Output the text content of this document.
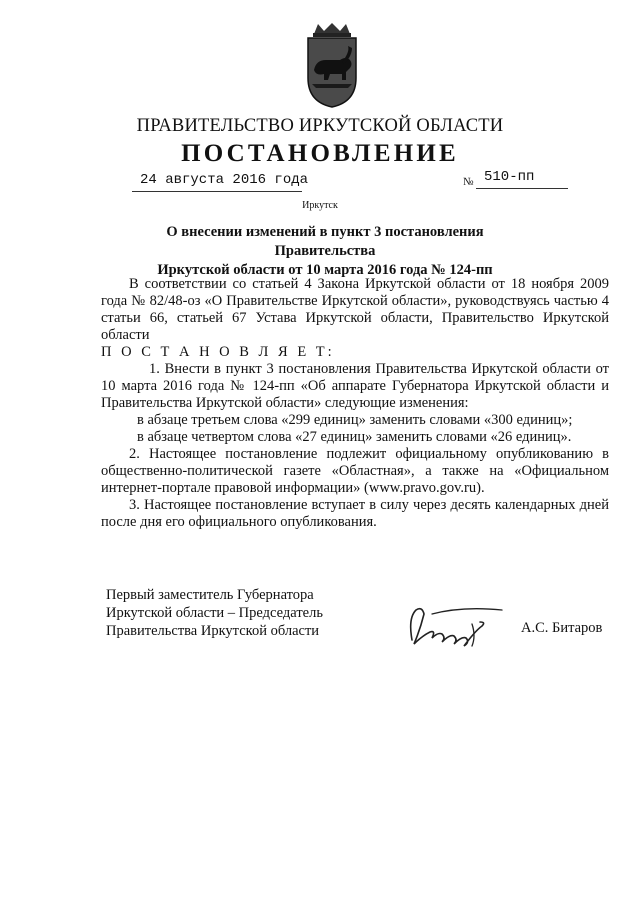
ПРАВИТЕЛЬСТВО ИРКУТСКОЙ ОБЛАСТИ
ПОСТАНОВЛЕНИЕ
24 августа 2016 года	№ 510-пп
Иркутск
О внесении изменений в пункт 3 постановления Правительства
Иркутской области от 10 марта 2016 года № 124-пп

В соответствии со статьей 4 Закона Иркутской области от 18 ноября 2009 года № 82/48-оз «О Правительстве Иркутской области», руководствуясь частью 4 статьи 66, статьей 67 Устава Иркутской области, Правительство Иркутской области

П О С Т А Н О В Л Я Е Т:

1. Внести в пункт 3 постановления Правительства Иркутской области от 10 марта 2016 года № 124-пп «Об аппарате Губернатора Иркутской области и Правительства Иркутской области» следующие изменения:

в абзаце третьем слова «299 единиц» заменить словами «300 единиц»;

в абзаце четвертом слова «27 единиц» заменить словами «26 единиц».

2. Настоящее постановление подлежит официальному опубликованию в общественно-политической газете «Областная», а также на «Официальном интернет-портале правовой информации» (www.pravo.gov.ru).

3. Настоящее постановление вступает в силу через десять календарных дней после дня его официального опубликования.

Первый заместитель Губернатора
Иркутской области – Председатель
Правительства Иркутской области	А.С. Битаров
